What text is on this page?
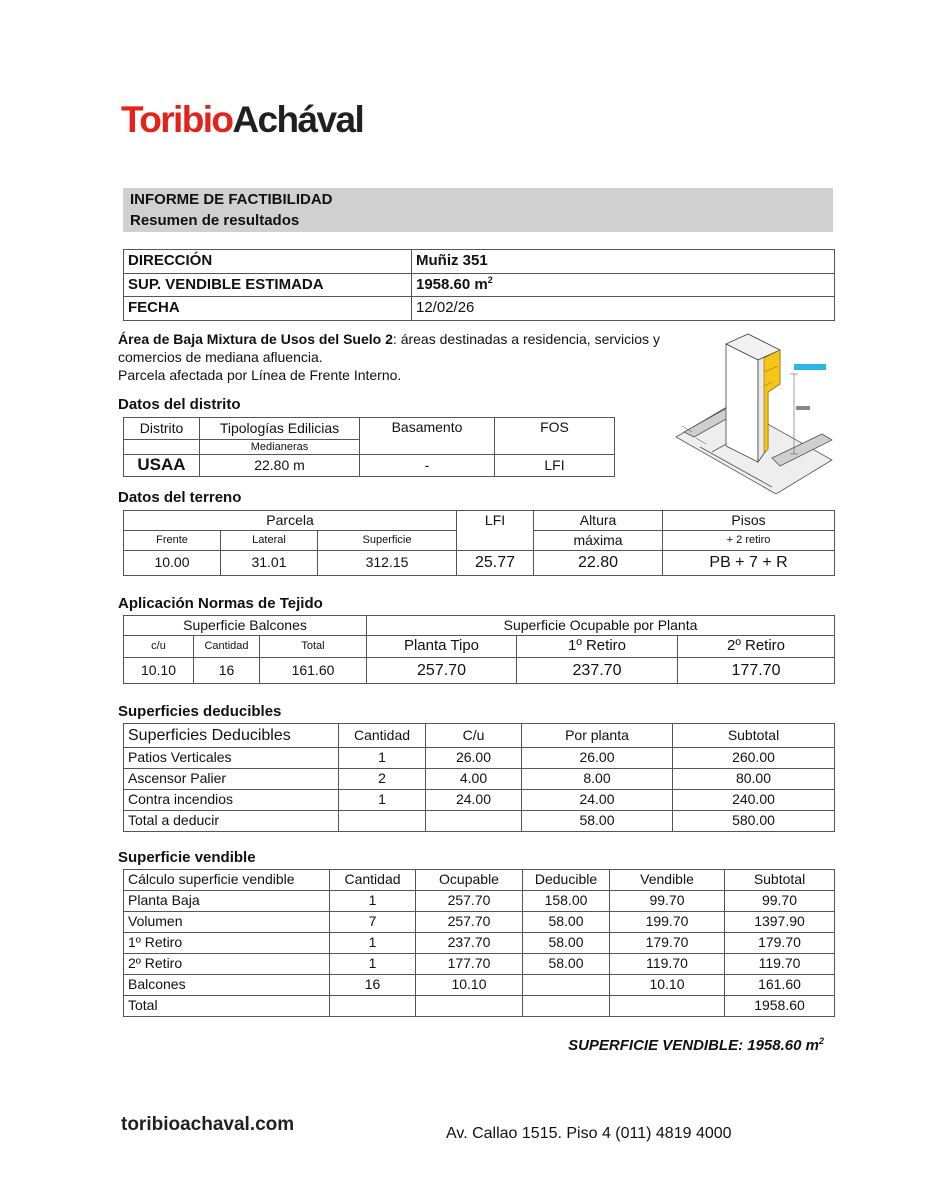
ToribioAchával
INFORME DE FACTIBILIDAD
Resumen de resultados
DIRECCIÓN	Muñiz 351
SUP. VENDIBLE ESTIMADA	1958.60 $m^2$
FECHA	12/02/26

Área de Baja Mixtura de Usos del Suelo 2: áreas destinadas a residencia, servicios y comercios de mediana afluencia.

Parcela afectada por Línea de Frente Interno.

Datos del distrito
Distrito	Tipologías Edilicias	Basamento	FOS
	Medianeras		
USAA	22.80 m	-	LFI
Datos del terreno
Parcela			LFI	Altura	Pisos
Frente	Lateral	Superficie		máxima	+ 2 retiro
10.00	31.01	312.15	25.77	22.80	PB + 7 + R
Aplicación Normas de Tejido
Superficie Balcones			Superficie Ocupable por Planta		
c/u	Cantidad	Total	Planta Tipo	1º Retiro	2º Retiro
10.10	16	161.60	257.70	237.70	177.70
Superficies deducibles
Superficies Deducibles	Cantidad	C/u	Por planta	Subtotal
Patios Verticales	1	26.00	26.00	260.00
Ascensor Palier	2	4.00	8.00	80.00
Contra incendios	1	24.00	24.00	240.00
Total a deducir			58.00	580.00
Superficie vendible
Cálculo superficie vendible	Cantidad	Ocupable	Deducible	Vendible	Subtotal
Planta Baja	1	257.70	158.00	99.70	99.70
Volumen	7	257.70	58.00	199.70	1397.90
1º Retiro	1	237.70	58.00	179.70	179.70
2º Retiro	1	177.70	58.00	119.70	119.70
Balcones	16	10.10		10.10	161.60
Total					1958.60
SUPERFICIE VENDIBLE: 1958.60 $m^2$
toribioachaval.com	Av. Callao 1515. Piso 4 (011) 4819 4000
